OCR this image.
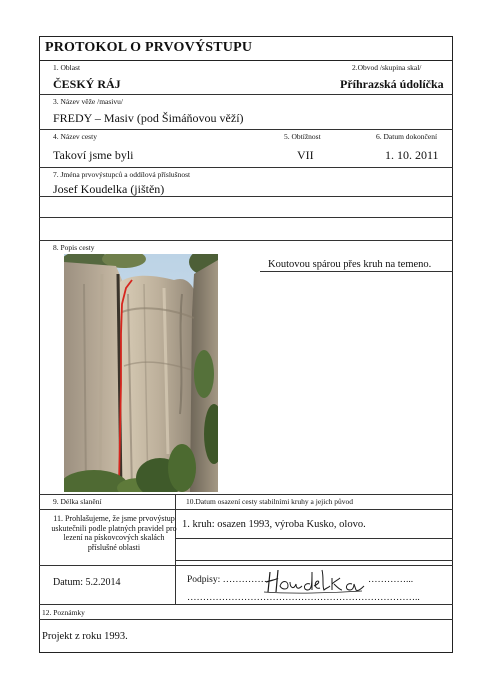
PROTOKOL O PRVOVÝSTUPU
1. Oblast
ČESKÝ RÁJ
2.Obvod /skupina skal/
Příhrazská údolíčka
3. Název věže /masivu/
FREDY – Masiv (pod Šimáňovou věží)
4. Název cesty
Takoví jsme byli
5. Obtížnost
VII
6. Datum dokončení
1. 10. 2011
7. Jména prvovýstupců a oddílová příslušnost
Josef Koudelka (jištěn)
8. Popis cesty
Koutovou spárou přes kruh na temeno.
9. Délka slanění	10.Datum osazení cesty stabilními kruhy a jejich původ
1. kruh: osazen 1993, výroba Kusko, olovo.
11. Prohlašujeme, že jsme prvovýstup uskutečnili podle platných pravidel pro lezení na pískovcových skalách příslušné oblasti
Datum: 5.2.2014	Podpisy: ……………	…………...
………………………………………………………………..
12. Poznámky
Projekt z roku 1993.
